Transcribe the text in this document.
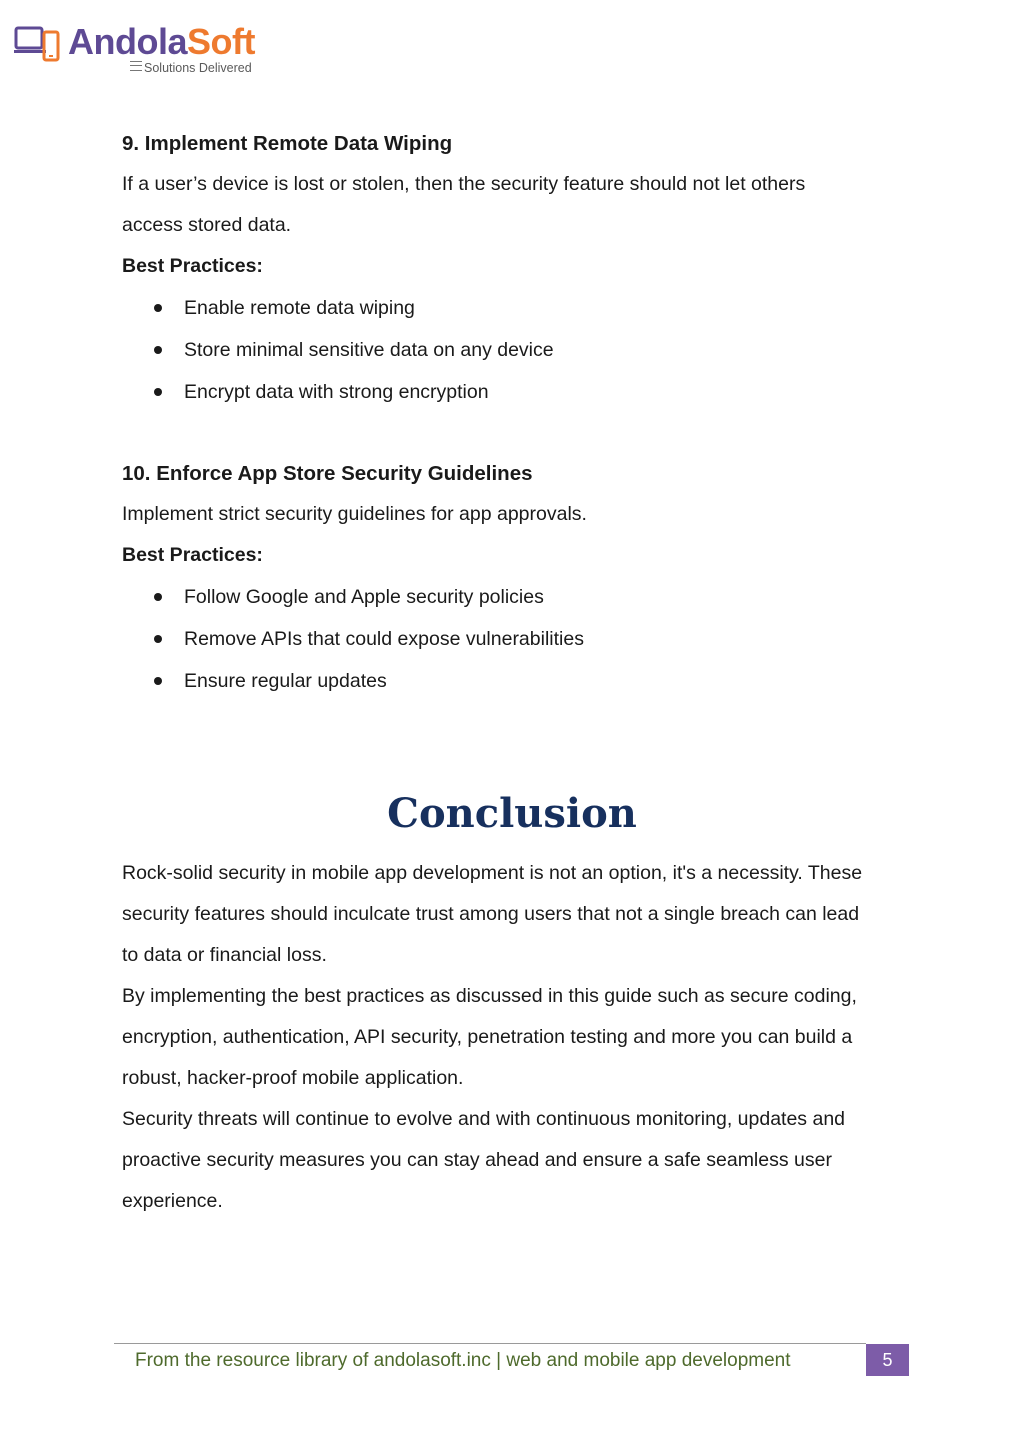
AndolaSoft
Solutions Delivered

9. Implement Remote Data Wiping

If a user’s device is lost or stolen, then the security feature should not let others

access stored data.

Best Practices:

Enable remote data wiping
Store minimal sensitive data on any device
Encrypt data with strong encryption

10. Enforce App Store Security Guidelines

Implement strict security guidelines for app approvals.

Best Practices:

Follow Google and Apple security policies
Remove APIs that could expose vulnerabilities
Ensure regular updates
Conclusion

Rock-solid security in mobile app development is not an option, it's a necessity. These

security features should inculcate trust among users that not a single breach can lead

to data or financial loss.

By implementing the best practices as discussed in this guide such as secure coding,

encryption, authentication, API security, penetration testing and more you can build a

robust, hacker-proof mobile application.

Security threats will continue to evolve and with continuous monitoring, updates and

proactive security measures you can stay ahead and ensure a safe seamless user

experience.

From the resource library of andolasoft.inc | web and mobile app development	5
